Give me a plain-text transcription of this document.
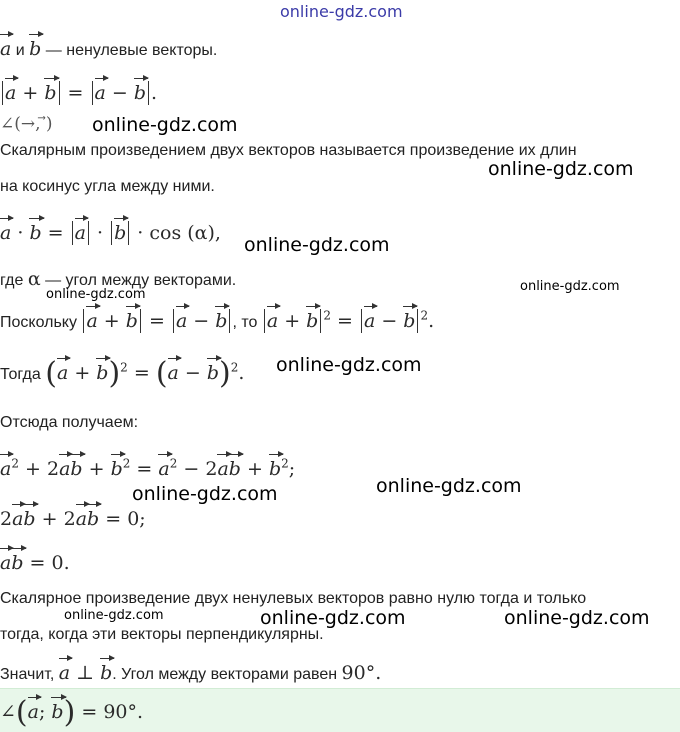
online-gdz.com
a и b — ненулевые векторы.
a + b = a − b .
∠(→, ⃗) online-gdz.com
Скалярным произведением двух векторов называется произведение их длин
online-gdz.com
на косинус угла между ними.
a · b = a · b · cos (α),
online-gdz.com
где α — угол между векторами.
online-gdz.com
online-gdz.com
Поскольку a + b = a − b , то a + b $^2$ = a − b $^2$.
Тогда $(a + b)^2 = (a - b)^2$. online-gdz.com
Отсюда получаем:
$a^2 + 2ab + b^2 = a^2 - 2ab + b^2$;
online-gdz.com
online-gdz.com
2ab + 2ab = 0;
ab = 0.
Скалярное произведение двух ненулевых векторов равно нулю тогда и только
online-gdz.com	online-gdz.com	online-gdz.com
тогда, когда эти векторы перпендикулярны.
Значит, a ⊥ b. Угол между векторами равен 90°.
∠(a; b) = 90°.
